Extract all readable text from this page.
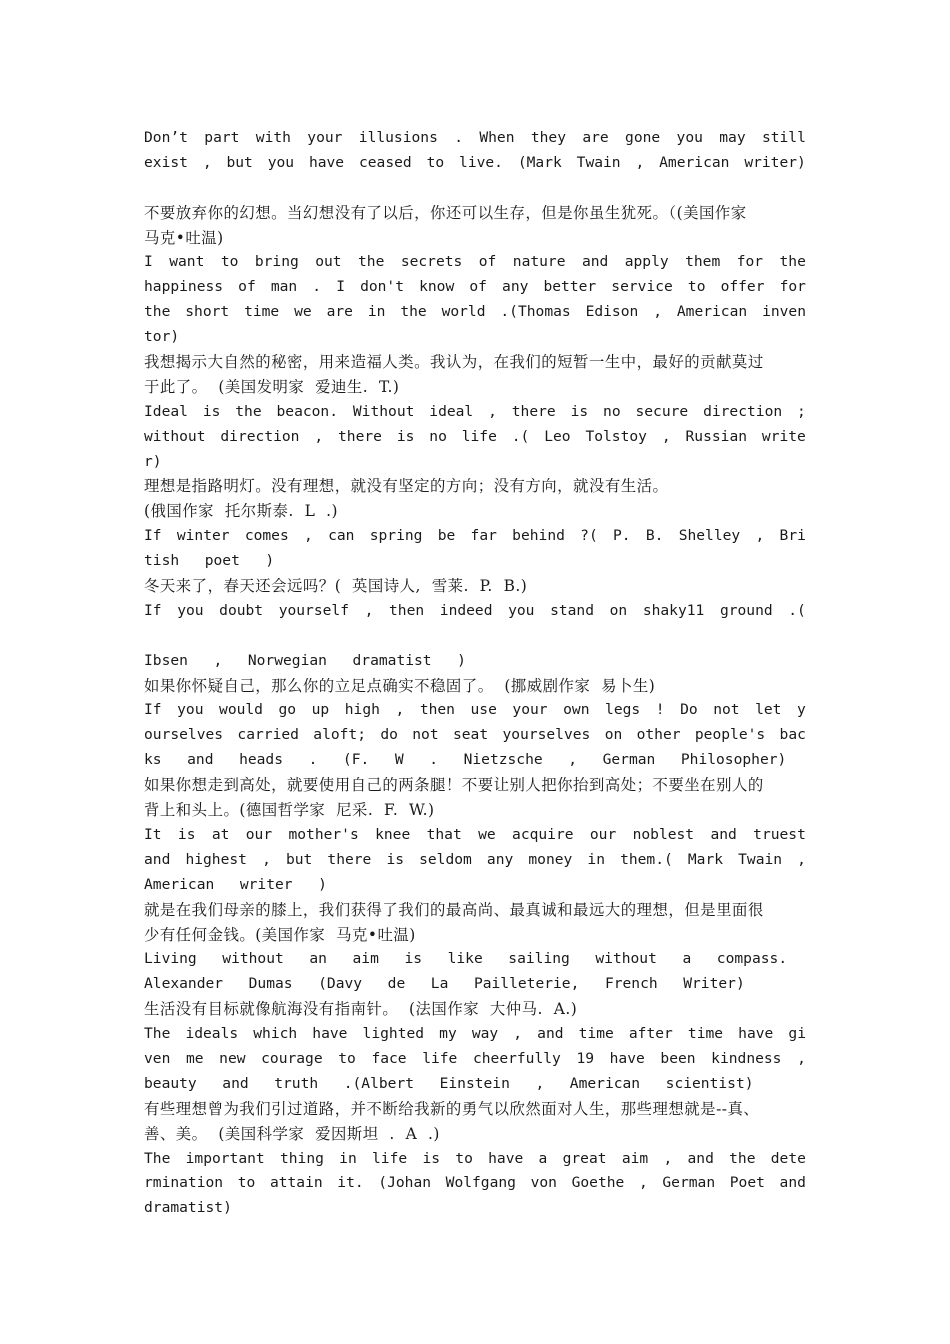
Don’t part with your illusions . When they are gone you may still
exist , but you have ceased to live. (Mark Twain , American writer)
不要放弃你的幻想。当幻想没有了以后，你还可以生存，但是你虽生犹死。（(美国作家
马克•吐温)
I want to bring out the secrets of nature and apply them for the
happiness of man . I don't know of any better service to offer for
the short time we are in the world .(Thomas Edison , American inven
tor)
我想揭示大自然的秘密，用来造福人类。我认为，在我们的短暂一生中，最好的贡献莫过
于此了。  (美国发明家  爱迪生.  T.)
Ideal is the beacon. Without ideal , there is no secure direction ;
without direction , there is no life .( Leo Tolstoy , Russian write
r)
理想是指路明灯。没有理想，就没有坚定的方向；没有方向，就没有生活。
(俄国作家  托尔斯泰.  L  .)
If winter comes , can spring be far behind ?( P. B. Shelley , Bri
tish  poet  )
冬天来了，春天还会远吗？(  英国诗人,  雪莱.  P.  B.)
If you doubt yourself , then indeed you stand on shaky11 ground .(
Ibsen  ,  Norwegian  dramatist  )
如果你怀疑自己，那么你的立足点确实不稳固了。  (挪威剧作家  易卜生)
If you would go up high , then use your own legs ! Do not let y
ourselves carried aloft; do not seat yourselves on other people's bac
ks  and  heads  .  (F.  W  .  Nietzsche  ,  German  Philosopher)
如果你想走到高处，就要使用自己的两条腿！不要让别人把你抬到高处；不要坐在别人的
背上和头上。(德国哲学家  尼采.  F.  W.)
It is at our mother's knee that we acquire our noblest and truest
and highest , but there is seldom any money in them.( Mark Twain ,
American  writer  )
就是在我们母亲的膝上，我们获得了我们的最高尚、最真诚和最远大的理想，但是里面很
少有任何金钱。(美国作家  马克•吐温)
Living  without  an  aim  is  like  sailing  without  a  compass.
Alexander  Dumas  (Davy  de  La  Pailleterie,  French  Writer)
生活没有目标就像航海没有指南针。  (法国作家  大仲马.  A.)
The ideals which have lighted my way , and time after time have gi
ven me new courage to face life cheerfully 19 have been kindness ,
beauty  and  truth  .(Albert  Einstein  ,  American  scientist)
有些理想曾为我们引过道路，并不断给我新的勇气以欣然面对人生，那些理想就是--真、
善、美。  (美国科学家  爱因斯坦  .  A  .)
The important thing in life is to have a great aim , and the dete
rmination to attain it. (Johan Wolfgang von Goethe , German Poet and
dramatist)
